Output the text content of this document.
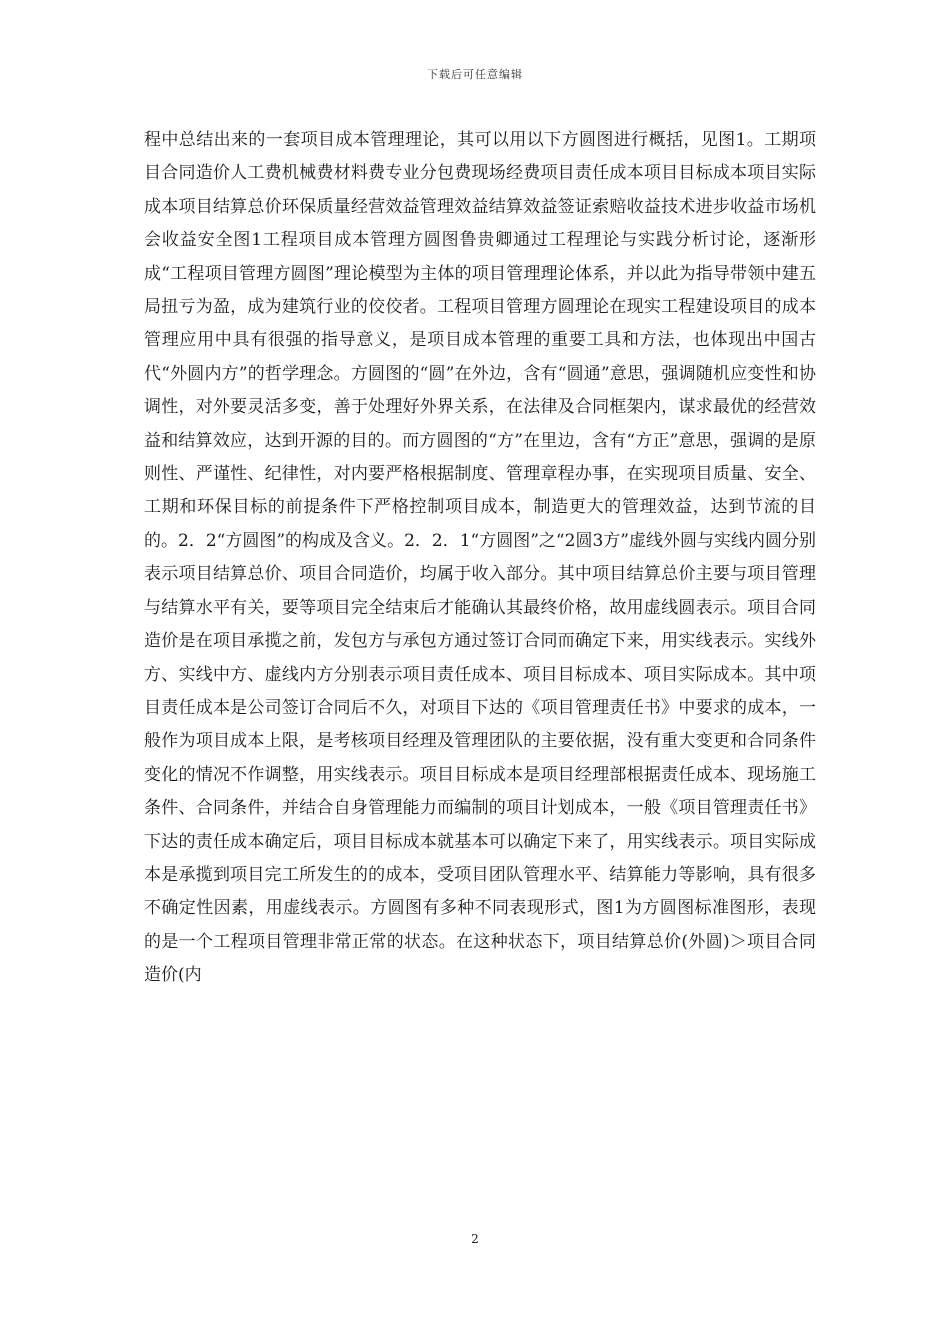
下载后可任意编辑

程中总结出来的一套项目成本管理理论，其可以用以下方圆图进行概括，见图1。工期项目合同造价人工费机械费材料费专业分包费现场经费项目责任成本项目目标成本项目实际成本项目结算总价环保质量经营效益管理效益结算效益签证索赔收益技术进步收益市场机会收益安全图1工程项目成本管理方圆图鲁贵卿通过工程理论与实践分析讨论，逐渐形成“工程项目管理方圆图”理论模型为主体的项目管理理论体系，并以此为指导带领中建五局扭亏为盈，成为建筑行业的佼佼者。工程项目管理方圆理论在现实工程建设项目的成本管理应用中具有很强的指导意义，是项目成本管理的重要工具和方法，也体现出中国古代“外圆内方”的哲学理念。方圆图的“圆”在外边，含有“圆通”意思，强调随机应变性和协调性，对外要灵活多变，善于处理好外界关系，在法律及合同框架内，谋求最优的经营效益和结算效应，达到开源的目的。而方圆图的“方”在里边，含有“方正”意思，强调的是原则性、严谨性、纪律性，对内要严格根据制度、管理章程办事，在实现项目质量、安全、工期和环保目标的前提条件下严格控制项目成本，制造更大的管理效益，达到节流的目的。2．2“方圆图”的构成及含义。2．2．1“方圆图”之“2圆3方”虚线外圆与实线内圆分别表示项目结算总价、项目合同造价，均属于收入部分。其中项目结算总价主要与项目管理与结算水平有关，要等项目完全结束后才能确认其最终价格，故用虚线圆表示。项目合同造价是在项目承揽之前，发包方与承包方通过签订合同而确定下来，用实线表示。实线外方、实线中方、虚线内方分别表示项目责任成本、项目目标成本、项目实际成本。其中项目责任成本是公司签订合同后不久，对项目下达的《项目管理责任书》中要求的成本，一般作为项目成本上限，是考核项目经理及管理团队的主要依据，没有重大变更和合同条件变化的情况不作调整，用实线表示。项目目标成本是项目经理部根据责任成本、现场施工条件、合同条件，并结合自身管理能力而编制的项目计划成本，一般《项目管理责任书》下达的责任成本确定后，项目目标成本就基本可以确定下来了，用实线表示。项目实际成本是承揽到项目完工所发生的的成本，受项目团队管理水平、结算能力等影响，具有很多不确定性因素，用虚线表示。方圆图有多种不同表现形式，图1为方圆图标准图形，表现的是一个工程项目管理非常正常的状态。在这种状态下，项目结算总价(外圆)＞项目合同造价(内

2
